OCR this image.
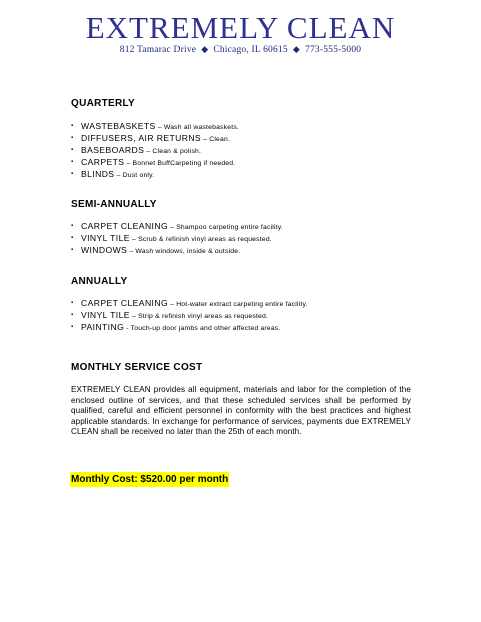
EXTREMELY CLEAN
812 Tamarac Drive ◆ Chicago, IL 60615 ◆ 773-555-5000
QUARTERLY
▪ WASTEBASKETS – Wash all wastebaskets.
▪ DIFFUSERS, AIR RETURNS – Clean.
▪ BASEBOARDS – Clean & polish.
▪ CARPETS – Bonnet BuffCarpeting if needed.
▪ BLINDS – Dust only.
SEMI-ANNUALLY
▪ CARPET CLEANING – Shampoo carpeting entire facility.
▪ VINYL TILE – Scrub & refinish vinyl areas as requested.
▪ WINDOWS – Wash windows, inside & outside.
ANNUALLY
▪ CARPET CLEANING – Hot-water extract carpeting entire facility.
▪ VINYL TILE – Strip & refinish vinyl areas as requested.
▪ PAINTING - Touch-up door jambs and other affected areas.
MONTHLY SERVICE COST
EXTREMELY CLEAN provides all equipment, materials and labor for the completion of the enclosed outline of services, and that these scheduled services shall be performed by qualified, careful and efficient personnel in conformity with the best practices and highest applicable standards. In exchange for performance of services, payments due EXTREMELY CLEAN shall be received no later than the 25th of each month.
Monthly Cost: $520.00 per month
